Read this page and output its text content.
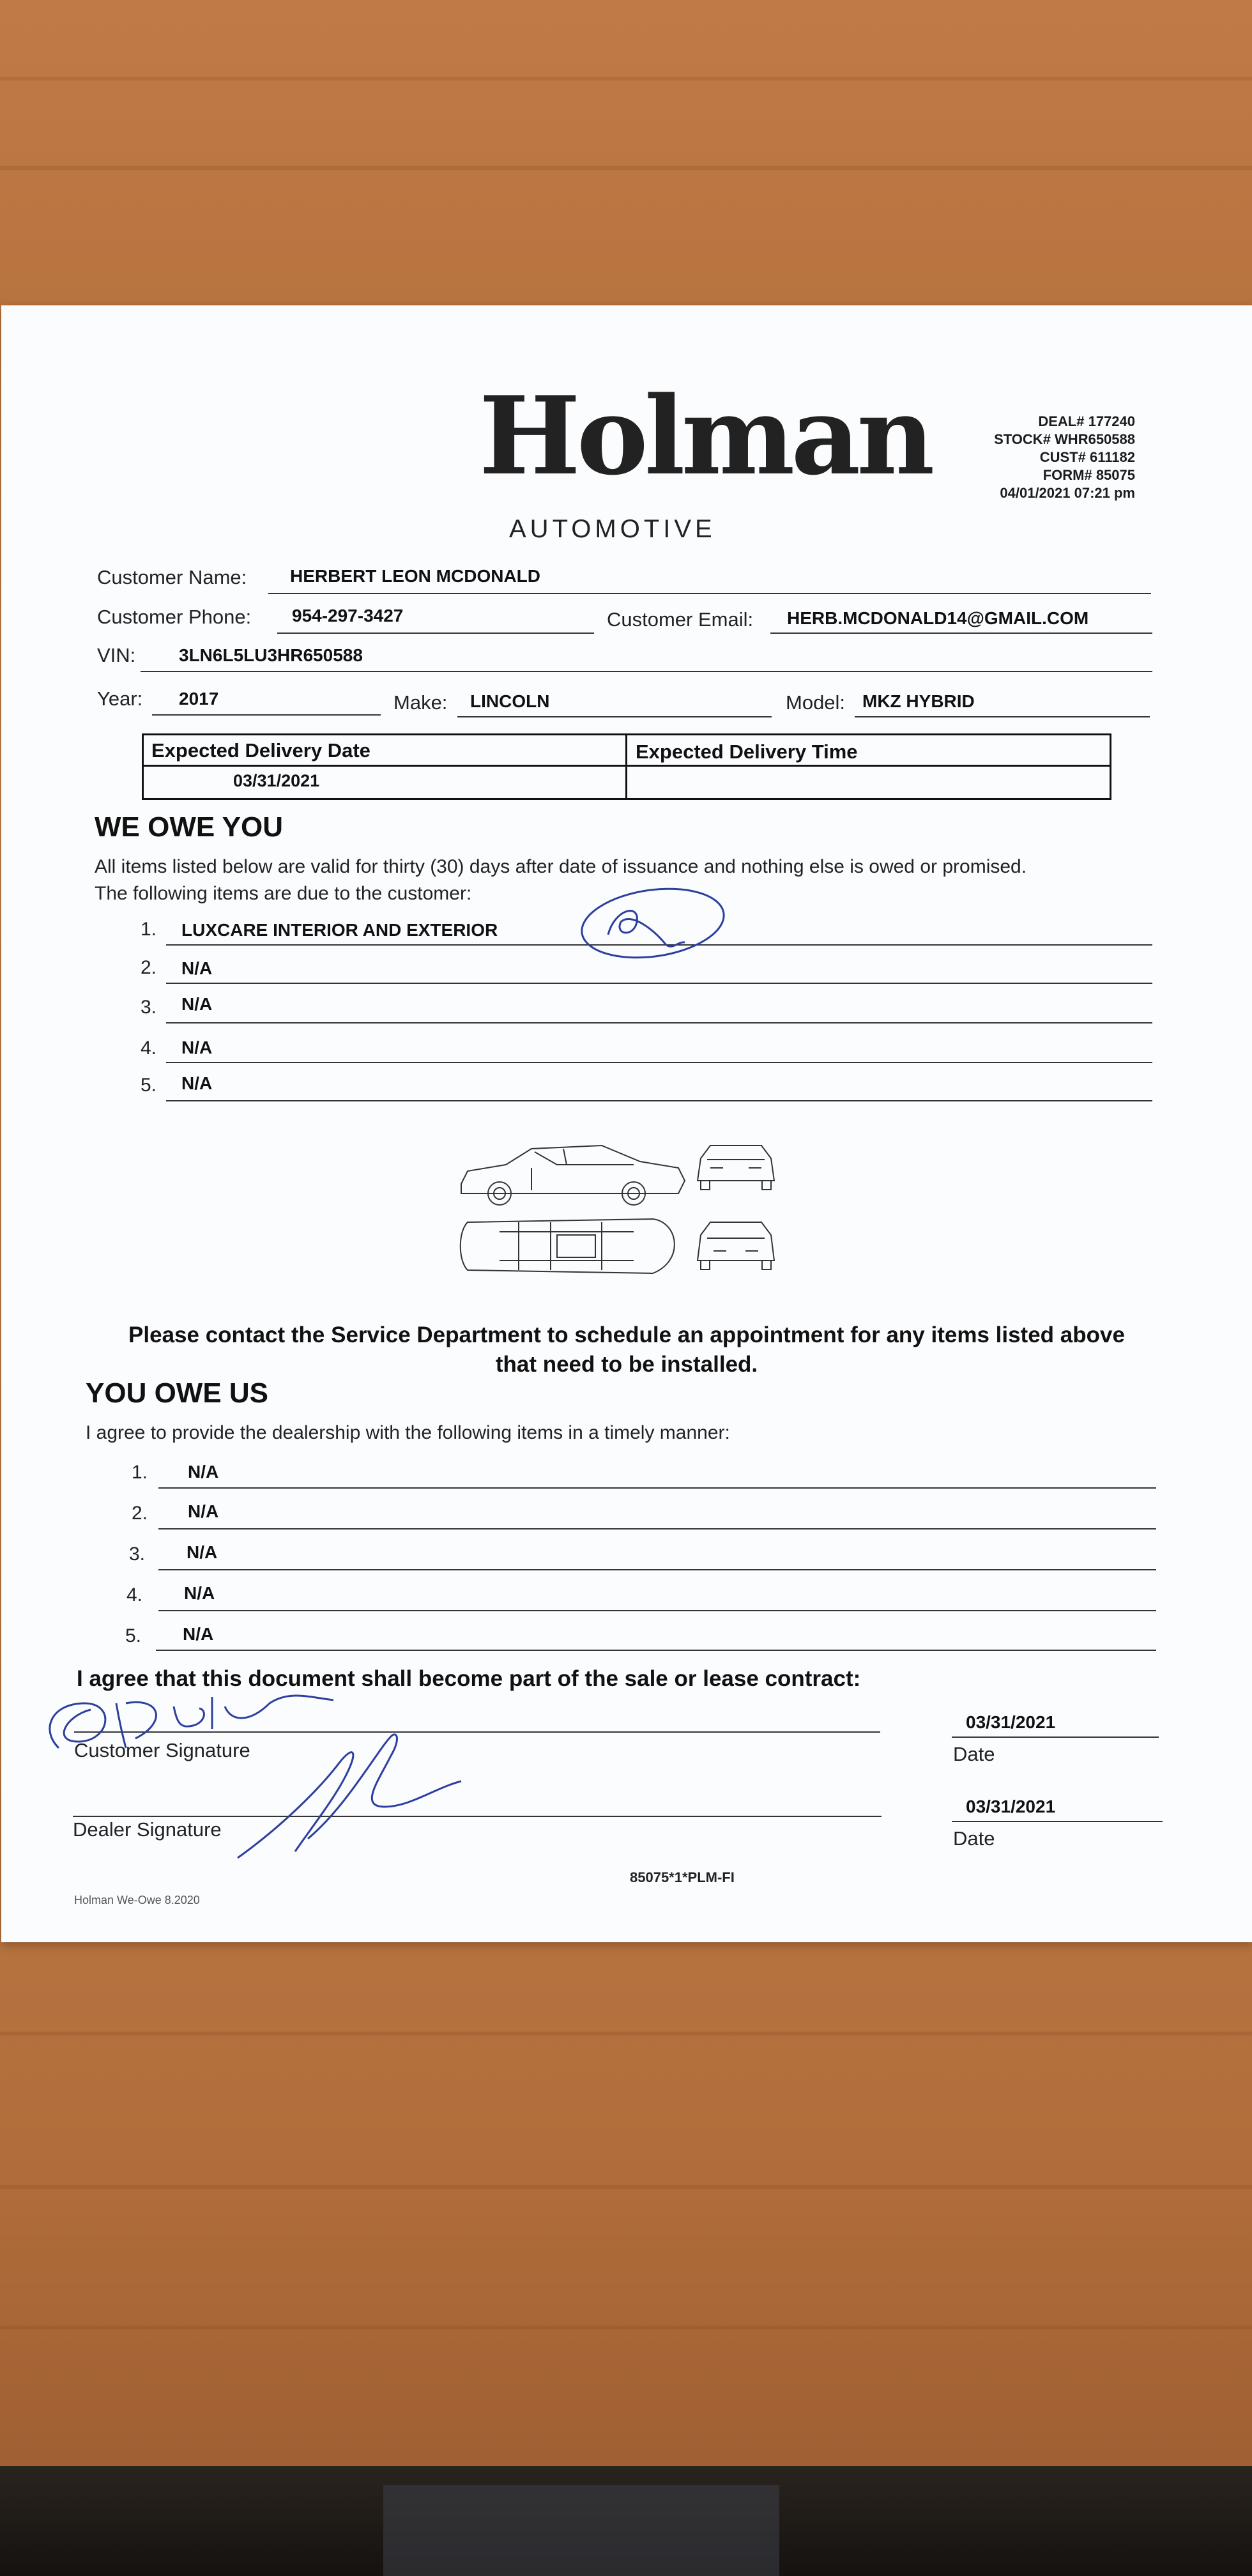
Holman
AUTOMOTIVE
DEAL# 177240
STOCK# WHR650588
CUST# 611182
FORM# 85075
04/01/2021 07:21 pm
Customer Name: HERBERT LEON MCDONALD
Customer Phone: 954-297-3427	Customer Email: HERB.MCDONALD14@GMAIL.COM
VIN: 3LN6L5LU3HR650588
Year: 2017	Make: LINCOLN	Model: MKZ HYBRID
Expected Delivery Date	Expected Delivery Time
03/31/2021
WE OWE YOU
All items listed below are valid for thirty (30) days after date of issuance and nothing else is owed or promised.
The following items are due to the customer:
1. LUXCARE INTERIOR AND EXTERIOR
2. N/A
3. N/A
4. N/A
5. N/A
Please contact the Service Department to schedule an appointment for any items listed above
that need to be installed.
YOU OWE US
I agree to provide the dealership with the following items in a timely manner:
1. N/A
2. N/A
3. N/A
4. N/A
5. N/A
I agree that this document shall become part of the sale or lease contract:
Customer Signature
03/31/2021
Date
Dealer Signature
03/31/2021
Date
85075*1*PLM-FI
Holman We-Owe 8.2020
